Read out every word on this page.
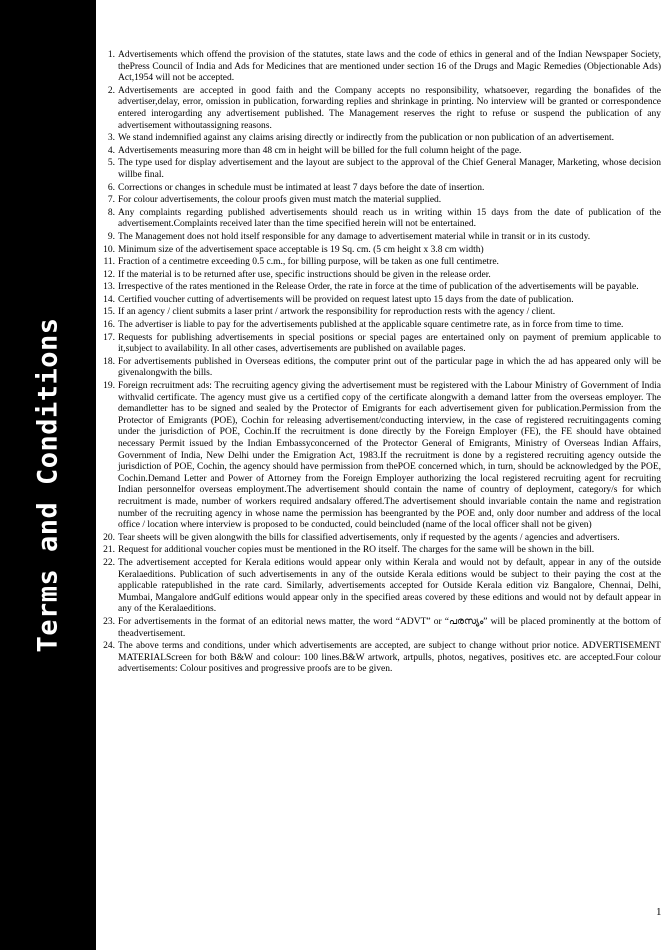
Terms and Conditions
1. Advertisements which offend the provision of the statutes, state laws and the code of ethics in general and of the Indian Newspaper Society, thePress Council of India and Ads for Medicines that are mentioned under section 16 of the Drugs and Magic Remedies (Objectionable Ads) Act,1954 will not be accepted.
2. Advertisements are accepted in good faith and the Company accepts no responsibility, whatsoever, regarding the bonafides of the advertiser,delay, error, omission in publication, forwarding replies and shrinkage in printing. No interview will be granted or correspondence entered interogarding any advertisement published. The Management reserves the right to refuse or suspend the publication of any advertisement withoutassigning reasons.
3. We stand indemnified against any claims arising directly or indirectly from the publication or non publication of an advertisement.
4. Advertisements measuring more than 48 cm in height will be billed for the full column height of the page.
5. The type used for display advertisement and the layout are subject to the approval of the Chief General Manager, Marketing, whose decision willbe final.
6. Corrections or changes in schedule must be intimated at least 7 days before the date of insertion.
7. For colour advertisements, the colour proofs given must match the material supplied.
8. Any complaints regarding published advertisements should reach us in writing within 15 days from the date of publication of the advertisement.Complaints received later than the time specified herein will not be entertained.
9. The Management does not hold itself responsible for any damage to advertisement material while in transit or in its custody.
10. Minimum size of the advertisement space acceptable is 19 Sq. cm. (5 cm height x 3.8 cm width)
11. Fraction of a centimetre exceeding 0.5 c.m., for billing purpose, will be taken as one full centimetre.
12. If the material is to be returned after use, specific instructions should be given in the release order.
13. Irrespective of the rates mentioned in the Release Order, the rate in force at the time of publication of the advertisements will be payable.
14. Certified voucher cutting of advertisements will be provided on request latest upto 15 days from the date of publication.
15. If an agency / client submits a laser print / artwork the responsibility for reproduction rests with the agency / client.
16. The advertiser is liable to pay for the advertisements published at the applicable square centimetre rate, as in force from time to time.
17. Requests for publishing advertisements in special positions or special pages are entertained only on payment of premium applicable to it,subject to availability. In all other cases, advertisements are published on available pages.
18. For advertisements published in Overseas editions, the computer print out of the particular page in which the ad has appeared only will be givenalongwith the bills.
19. Foreign recruitment ads: The recruiting agency giving the advertisement must be registered with the Labour Ministry of Government of India withvalid certificate. The agency must give us a certified copy of the certificate alongwith a demand latter from the overseas employer. The demandletter has to be signed and sealed by the Protector of Emigrants for each advertisement given for publication.Permission from the Protector of Emigrants (POE), Cochin for releasing advertisement/conducting interview, in the case of registered recruitingagents coming under the jurisdiction of POE, Cochin.If the recruitment is done directly by the Foreign Employer (FE), the FE should have obtained necessary Permit issued by the Indian Embassyconcerned of the Protector General of Emigrants, Ministry of Overseas Indian Affairs, Government of India, New Delhi under the Emigration Act, 1983.If the recruitment is done by a registered recruiting agency outside the jurisdiction of POE, Cochin, the agency should have permission from thePOE concerned which, in turn, should be acknowledged by the POE, Cochin.Demand Letter and Power of Attorney from the Foreign Employer authorizing the local registered recruiting agent for recruiting Indian personnelfor overseas employment.The advertisement should contain the name of country of deployment, category/s for which recruitment is made, number of workers required andsalary offered.The advertisement should invariable contain the name and registration number of the recruiting agency in whose name the permission has beengranted by the POE and, only door number and address of the local office / location where interview is proposed to be conducted, could beincluded (name of the local officer shall not be given)
20. Tear sheets will be given alongwith the bills for classified advertisements, only if requested by the agents / agencies and advertisers.
21. Request for additional voucher copies must be mentioned in the RO itself. The charges for the same will be shown in the bill.
22. The advertisement accepted for Kerala editions would appear only within Kerala and would not by default, appear in any of the outside Keralaeditions. Publication of such advertisements in any of the outside Kerala editions would be subject to their paying the cost at the applicable ratepublished in the rate card. Similarly, advertisements accepted for Outside Kerala edition viz Bangalore, Chennai, Delhi, Mumbai, Mangalore andGulf editions would appear only in the specified areas covered by these editions and would not by default appear in any of the Keralaeditions.
23. For advertisements in the format of an editorial news matter, the word “ADVT” or “പരസ്യം” will be placed prominently at the bottom of theadvertisement.
24. The above terms and conditions, under which advertisements are accepted, are subject to change without prior notice. ADVERTISEMENT MATERIALScreen for both B&W and colour: 100 lines.B&W artwork, artpulls, photos, negatives, positives etc. are accepted.Four colour advertisements: Colour positives and progressive proofs are to be given.
1
